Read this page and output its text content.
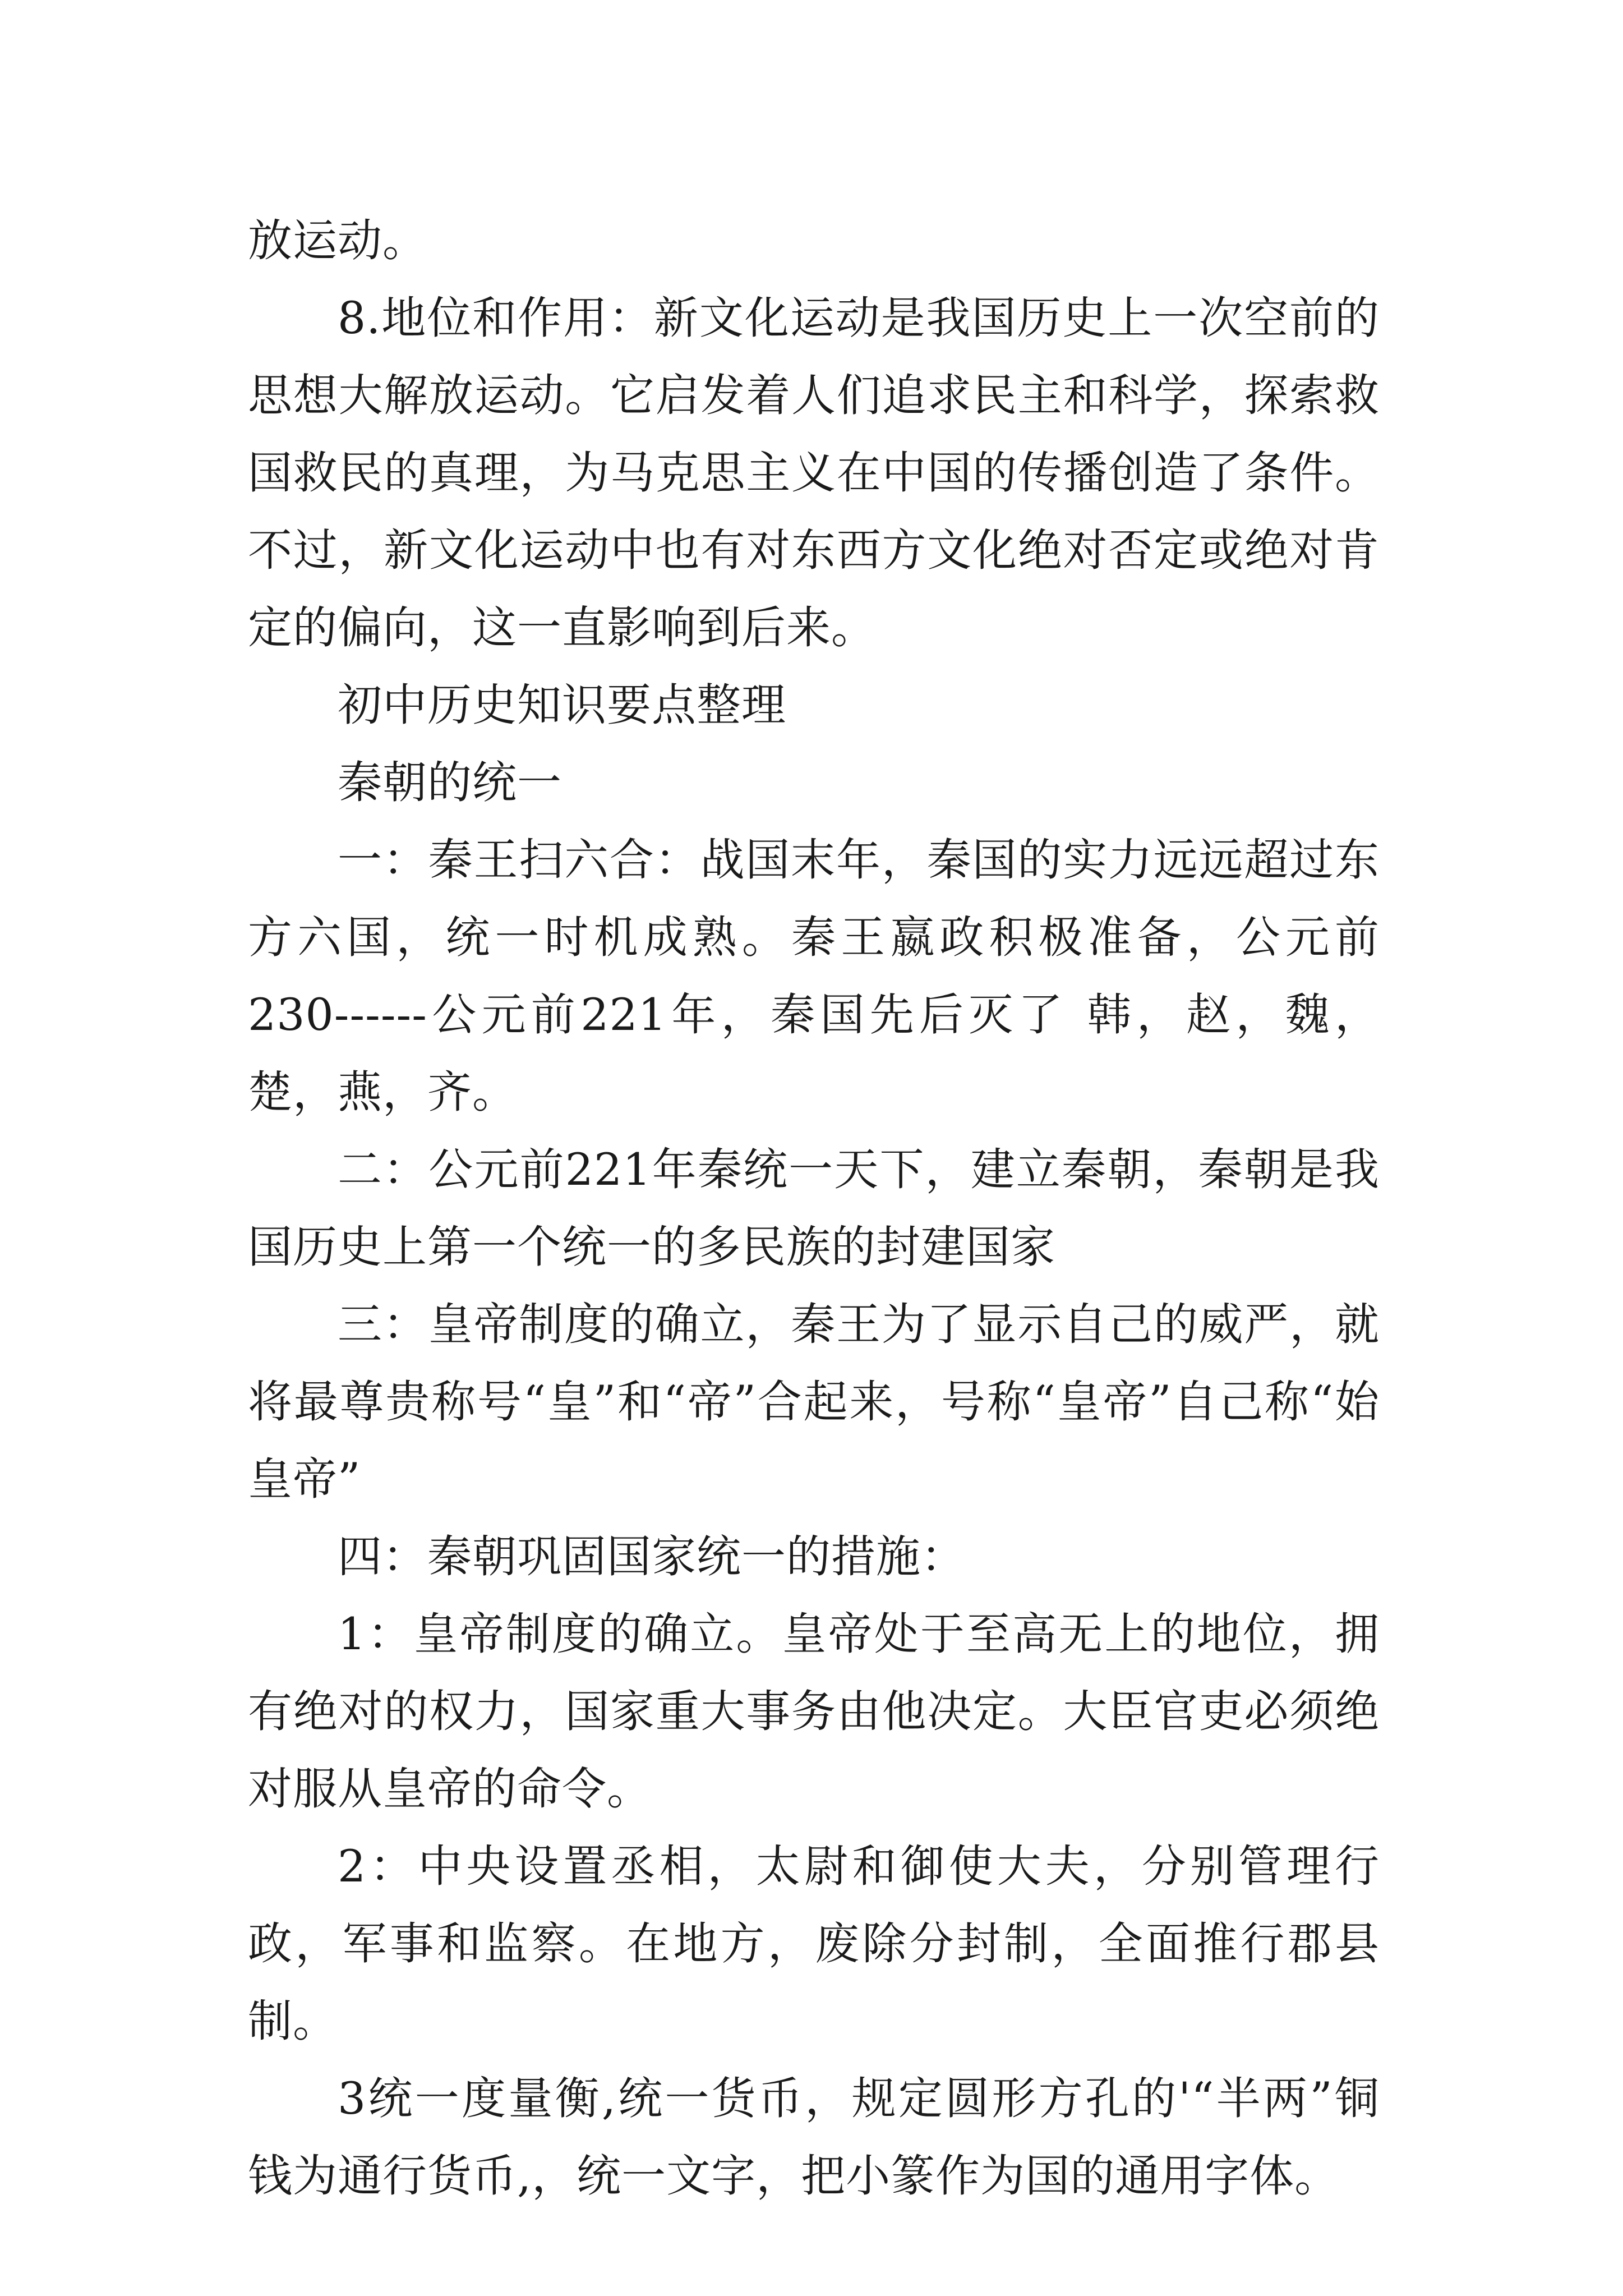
放运动。

8.地位和作用：新文化运动是我国历史上一次空前的思想大解放运动。它启发着人们追求民主和科学，探索救国救民的真理，为马克思主义在中国的传播创造了条件。不过，新文化运动中也有对东西方文化绝对否定或绝对肯定的偏向，这一直影响到后来。

初中历史知识要点整理

秦朝的统一

一：秦王扫六合：战国末年，秦国的实力远远超过东方六国，统一时机成熟。秦王嬴政积极准备，公元前230------公元前221年，秦国先后灭了 韩，赵，魏，楚，燕，齐。

二：公元前221年秦统一天下，建立秦朝，秦朝是我国历史上第一个统一的多民族的封建国家

三：皇帝制度的确立，秦王为了显示自己的威严，就将最尊贵称号“皇”和“帝”合起来，号称“皇帝”自己称“始皇帝”

四：秦朝巩固国家统一的措施：

1：皇帝制度的确立。皇帝处于至高无上的地位，拥有绝对的权力，国家重大事务由他决定。大臣官吏必须绝对服从皇帝的命令。

2：中央设置丞相，太尉和御使大夫，分别管理行政，军事和监察。在地方，废除分封制，全面推行郡县制。

3统一度量衡,统一货币，规定圆形方孔的'“半两”铜钱为通行货币,，统一文字，把小篆作为国的通用字体。
